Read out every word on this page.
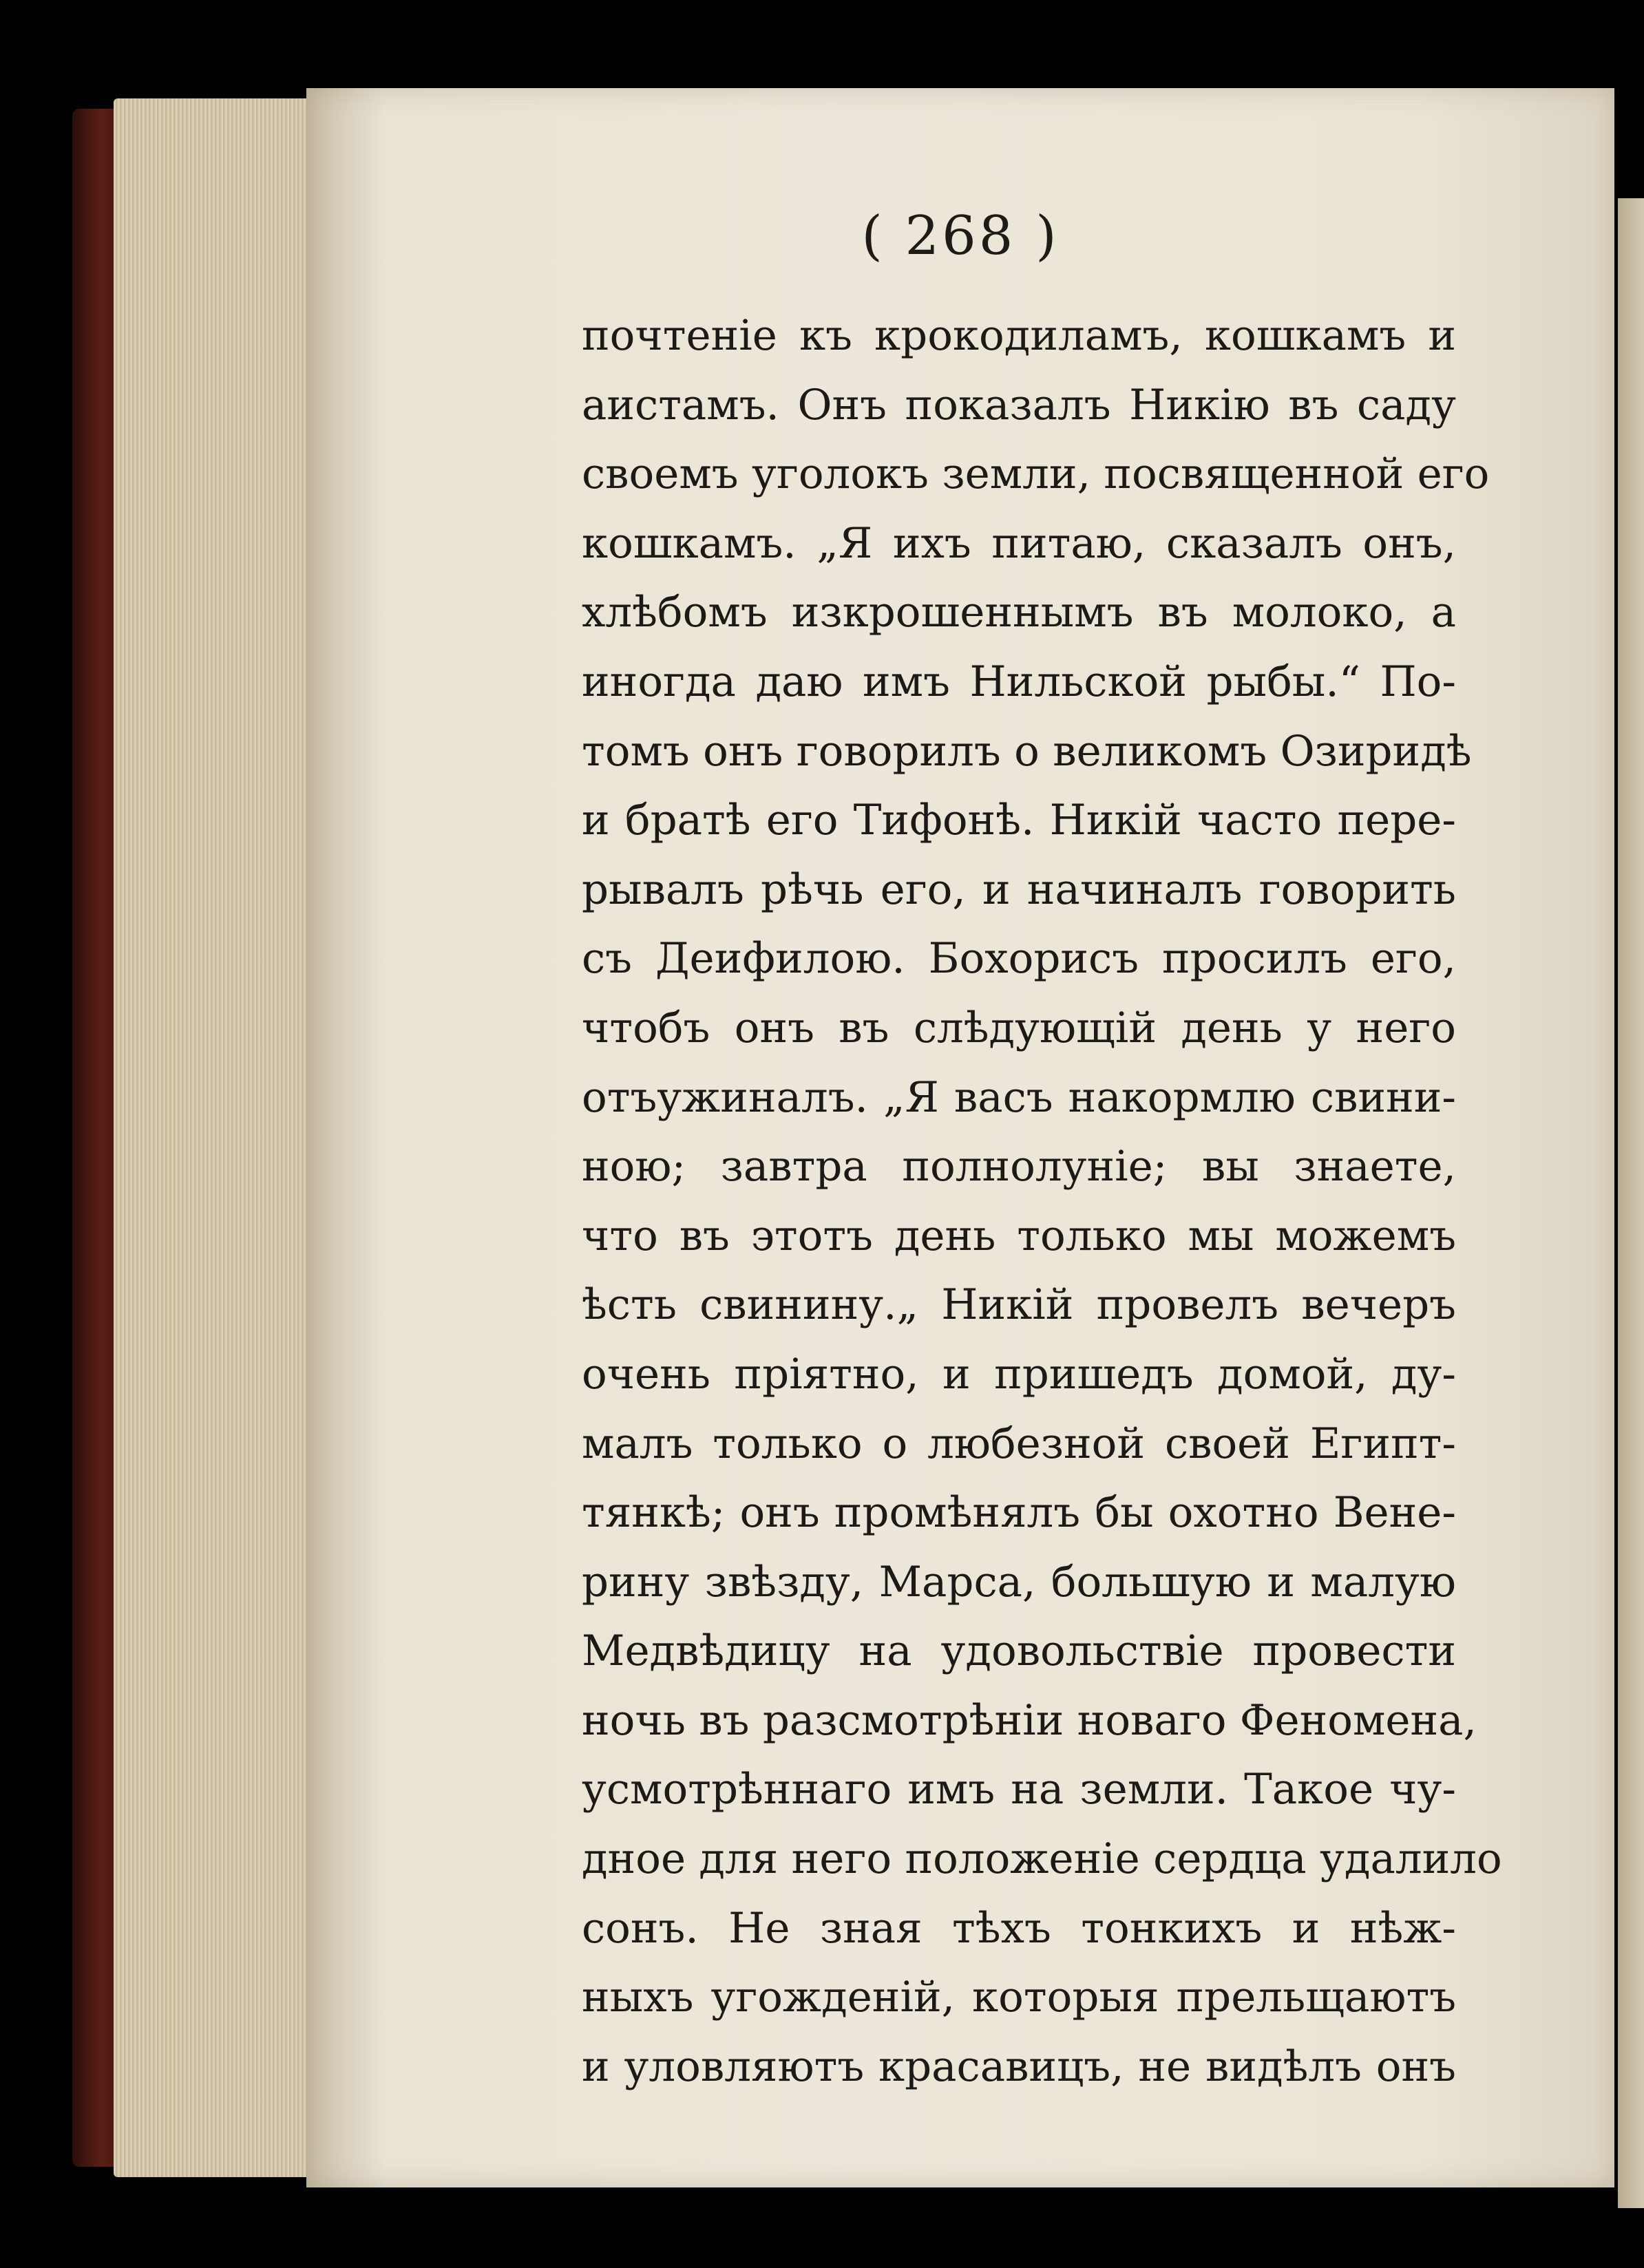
( 268 )
почтеніе къ крокодиламъ, кошкамъ и
аистамъ. Онъ показалъ Никію въ саду
своемъ уголокъ земли, посвященной его
кошкамъ. „Я ихъ питаю, сказалъ онъ,
хлѣбомъ изкрошеннымъ въ молоко, а
иногда даю имъ Нильской рыбы.“ По-
томъ онъ говорилъ о великомъ Озиридѣ
и братѣ его Тифонѣ. Никій часто пере-
рывалъ рѣчь его, и начиналъ говорить
съ Деифилою. Бохорисъ просилъ его,
чтобъ онъ въ слѣдующій день у него
отъужиналъ. „Я васъ накормлю свини-
ною; завтра полнолуніе; вы знаете,
что въ этотъ день только мы можемъ
ѣсть свинину.„ Никій провелъ вечеръ
очень пріятно, и пришедъ домой, ду-
малъ только о любезной своей Египт-
тянкѣ; онъ промѣнялъ бы охотно Вене-
рину звѣзду, Марса, большую и малую
Медвѣдицу на удовольствіе провести
ночь въ разсмотрѣніи новаго Феномена,
усмотрѣннаго имъ на земли. Такое чу-
дное для него положеніе сердца удалило
сонъ. Не зная тѣхъ тонкихъ и нѣж-
ныхъ угожденій, которыя прельщаютъ
и уловляютъ красавицъ, не видѣлъ онъ
